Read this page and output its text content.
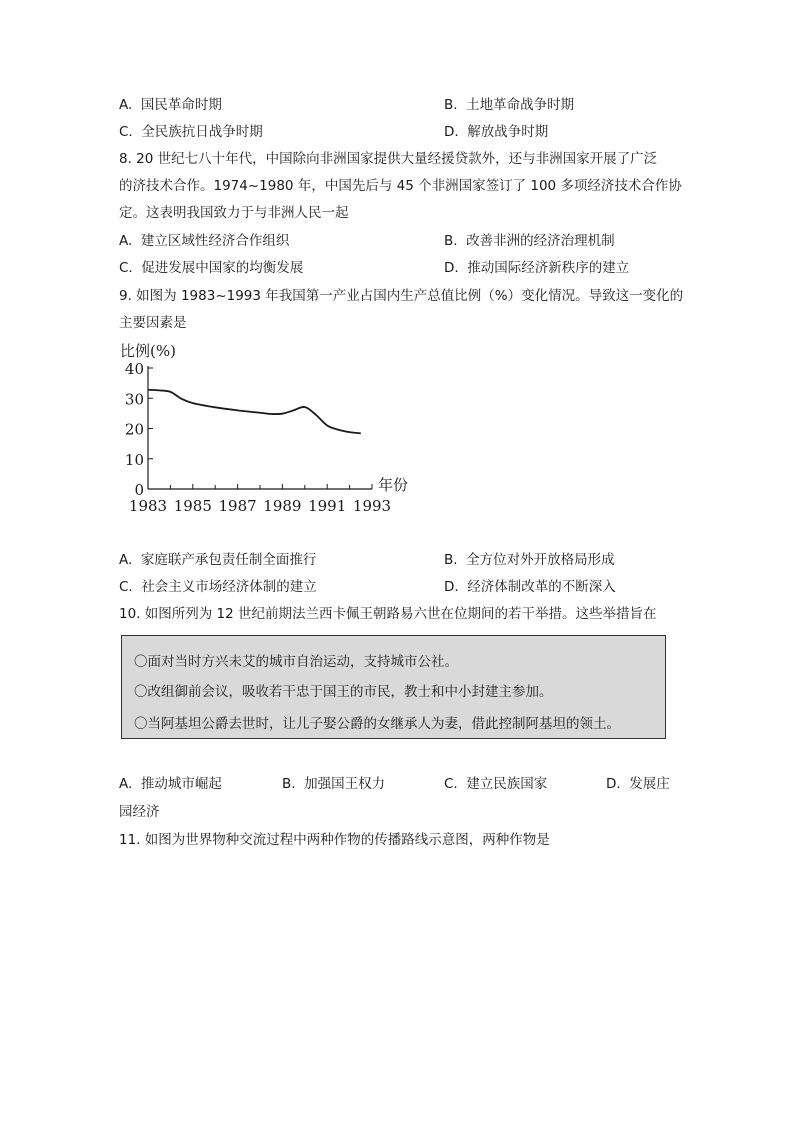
A. 国民革命时期	B. 土地革命战争时期
C. 全民族抗日战争时期	D. 解放战争时期
8. 20 世纪七八十年代，中国除向非洲国家提供大量经援贷款外，还与非洲国家开展了广泛
的济技术合作。1974~1980 年，中国先后与 45 个非洲国家签订了 100 多项经济技术合作协
定。这表明我国致力于与非洲人民一起
A. 建立区域性经济合作组织	B. 改善非洲的经济治理机制
C. 促进发展中国家的均衡发展	D. 推动国际经济新秩序的建立
9. 如图为 1983~1993 年我国第一产业占国内生产总值比例（%）变化情况。导致这一变化的
主要因素是
比例(%)
0
10
20
30
40
1983 1985 1987 1989 1991 1993
年份
A. 家庭联产承包责任制全面推行	B. 全方位对外开放格局形成
C. 社会主义市场经济体制的建立	D. 经济体制改革的不断深入
10. 如图所列为 12 世纪前期法兰西卡佩王朝路易六世在位期间的若干举措。这些举措旨在
〇面对当时方兴未艾的城市自治运动，支持城市公社。
〇改组御前会议，吸收若干忠于国王的市民，教士和中小封建主参加。
〇当阿基坦公爵去世时，让儿子娶公爵的女继承人为妻，借此控制阿基坦的领土。
A. 推动城市崛起	B. 加强国王权力	C. 建立民族国家	D. 发展庄
园经济
11. 如图为世界物种交流过程中两种作物的传播路线示意图，两种作物是
